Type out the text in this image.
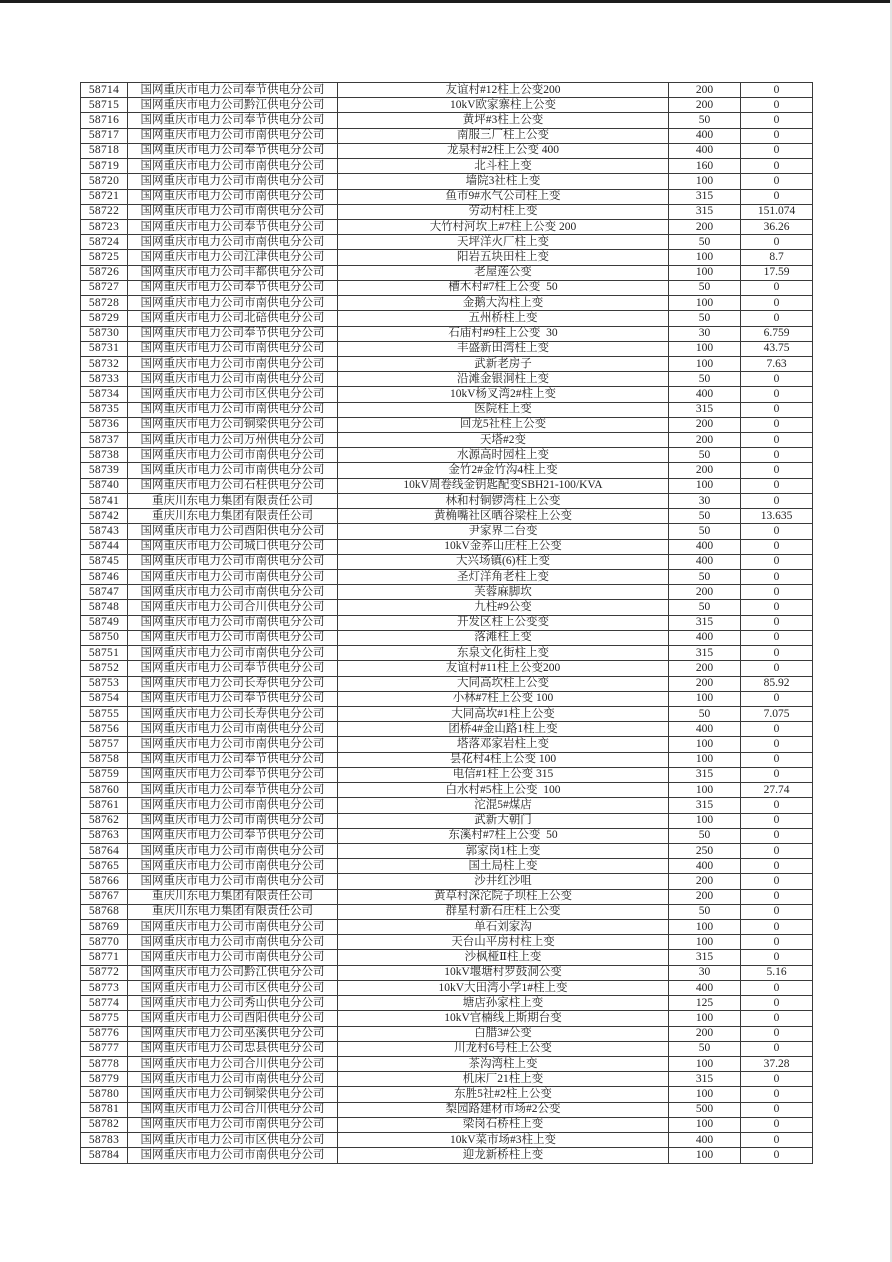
58714	国网重庆市电力公司奉节供电分公司	友谊村#12柱上公变200	200	0
58715	国网重庆市电力公司黔江供电分公司	10kV欧家寨柱上公变	200	0
58716	国网重庆市电力公司奉节供电分公司	黄坪#3柱上公变	50	0
58717	国网重庆市电力公司市南供电分公司	南服三厂柱上公变	400	0
58718	国网重庆市电力公司奉节供电分公司	龙泉村#2柱上公变 400	400	0
58719	国网重庆市电力公司市南供电分公司	北斗柱上变	160	0
58720	国网重庆市电力公司市南供电分公司	墙院3社柱上变	100	0
58721	国网重庆市电力公司市南供电分公司	鱼市9#水气公司柱上变	315	0
58722	国网重庆市电力公司市南供电分公司	劳动村柱上变	315	151.074
58723	国网重庆市电力公司奉节供电分公司	大竹村河坎上#7柱上公变 200	200	36.26
58724	国网重庆市电力公司市南供电分公司	天坪洋火厂柱上变	50	0
58725	国网重庆市电力公司江津供电分公司	阳岩五块田柱上变	100	8.7
58726	国网重庆市电力公司丰都供电分公司	老屋莲公变	100	17.59
58727	国网重庆市电力公司奉节供电分公司	槽木村#7柱上公变  50	50	0
58728	国网重庆市电力公司市南供电分公司	金鹅大沟柱上变	100	0
58729	国网重庆市电力公司北碚供电分公司	五州桥柱上变	50	0
58730	国网重庆市电力公司奉节供电分公司	石庙村#9柱上公变  30	30	6.759
58731	国网重庆市电力公司市南供电分公司	丰盛新田湾柱上变	100	43.75
58732	国网重庆市电力公司市南供电分公司	武新老房子	100	7.63
58733	国网重庆市电力公司市南供电分公司	沿滩金银洞柱上变	50	0
58734	国网重庆市电力公司市区供电分公司	10kV杨叉湾2#柱上变	400	0
58735	国网重庆市电力公司市南供电分公司	医院柱上变	315	0
58736	国网重庆市电力公司铜梁供电分公司	回龙5社柱上公变	200	0
58737	国网重庆市电力公司万州供电分公司	天塔#2变	200	0
58738	国网重庆市电力公司市南供电分公司	水源高时园柱上变	50	0
58739	国网重庆市电力公司市南供电分公司	金竹2#金竹沟4柱上变	200	0
58740	国网重庆市电力公司石柱供电分公司	10kV周卷线金钥匙配变SBH21-100/KVA	100	0
58741	重庆川东电力集团有限责任公司	林和村铜锣湾柱上公变	30	0
58742	重庆川东电力集团有限责任公司	黄桷嘴社区晒谷梁柱上公变	50	13.635
58743	国网重庆市电力公司酉阳供电分公司	尹家界二台变	50	0
58744	国网重庆市电力公司城口供电分公司	10kV金荞山庄柱上公变	400	0
58745	国网重庆市电力公司市南供电分公司	大兴场镇(6)柱上变	400	0
58746	国网重庆市电力公司市南供电分公司	圣灯洋角老柱上变	50	0
58747	国网重庆市电力公司市南供电分公司	芙蓉麻脚坎	200	0
58748	国网重庆市电力公司合川供电分公司	九柱#9公变	50	0
58749	国网重庆市电力公司市南供电分公司	开发区柱上公变变	315	0
58750	国网重庆市电力公司市南供电分公司	落滩柱上变	400	0
58751	国网重庆市电力公司市南供电分公司	东泉文化街柱上变	315	0
58752	国网重庆市电力公司奉节供电分公司	友谊村#11柱上公变200	200	0
58753	国网重庆市电力公司长寿供电分公司	大同高坎柱上公变	200	85.92
58754	国网重庆市电力公司奉节供电分公司	小林#7柱上公变 100	100	0
58755	国网重庆市电力公司长寿供电分公司	大同高坎#1柱上公变	50	7.075
58756	国网重庆市电力公司市南供电分公司	团桥4#金山路1柱上变	400	0
58757	国网重庆市电力公司市南供电分公司	塔落邓家岩柱上变	100	0
58758	国网重庆市电力公司奉节供电分公司	昙花村4柱上公变 100	100	0
58759	国网重庆市电力公司奉节供电分公司	电信#1柱上公变 315	315	0
58760	国网重庆市电力公司奉节供电分公司	白水村#5柱上公变  100	100	27.74
58761	国网重庆市电力公司市南供电分公司	沱混5#煤店	315	0
58762	国网重庆市电力公司市南供电分公司	武新大朝门	100	0
58763	国网重庆市电力公司奉节供电分公司	东溪村#7柱上公变  50	50	0
58764	国网重庆市电力公司市南供电分公司	郭家岗1柱上变	250	0
58765	国网重庆市电力公司市南供电分公司	国土局柱上变	400	0
58766	国网重庆市电力公司市南供电分公司	沙井红沙咀	200	0
58767	重庆川东电力集团有限责任公司	黄草村深沱院子坝柱上公变	200	0
58768	重庆川东电力集团有限责任公司	群星村新石庄柱上公变	50	0
58769	国网重庆市电力公司市南供电分公司	单石刘家沟	100	0
58770	国网重庆市电力公司市南供电分公司	天台山平房村柱上变	100	0
58771	国网重庆市电力公司市南供电分公司	沙枫桠Ⅱ柱上变	315	0
58772	国网重庆市电力公司黔江供电分公司	10kV堰塘村罗鼓洞公变	30	5.16
58773	国网重庆市电力公司市区供电分公司	10kV大田湾小学1#柱上变	400	0
58774	国网重庆市电力公司秀山供电分公司	塘店孙家柱上变	125	0
58775	国网重庆市电力公司酉阳供电分公司	10kV官楠线上斯期台变	100	0
58776	国网重庆市电力公司巫溪供电分公司	白腊3#公变	200	0
58777	国网重庆市电力公司忠县供电分公司	川龙村6号柱上公变	50	0
58778	国网重庆市电力公司合川供电分公司	茶沟湾柱上变	100	37.28
58779	国网重庆市电力公司市南供电分公司	机床厂21柱上变	315	0
58780	国网重庆市电力公司铜梁供电分公司	东胜5社#2柱上公变	100	0
58781	国网重庆市电力公司合川供电分公司	梨园路建材市场#2公变	500	0
58782	国网重庆市电力公司市南供电分公司	梁岗石桥柱上变	100	0
58783	国网重庆市电力公司市区供电分公司	10kV菜市场#3柱上变	400	0
58784	国网重庆市电力公司市南供电分公司	迎龙新桥柱上变	100	0
